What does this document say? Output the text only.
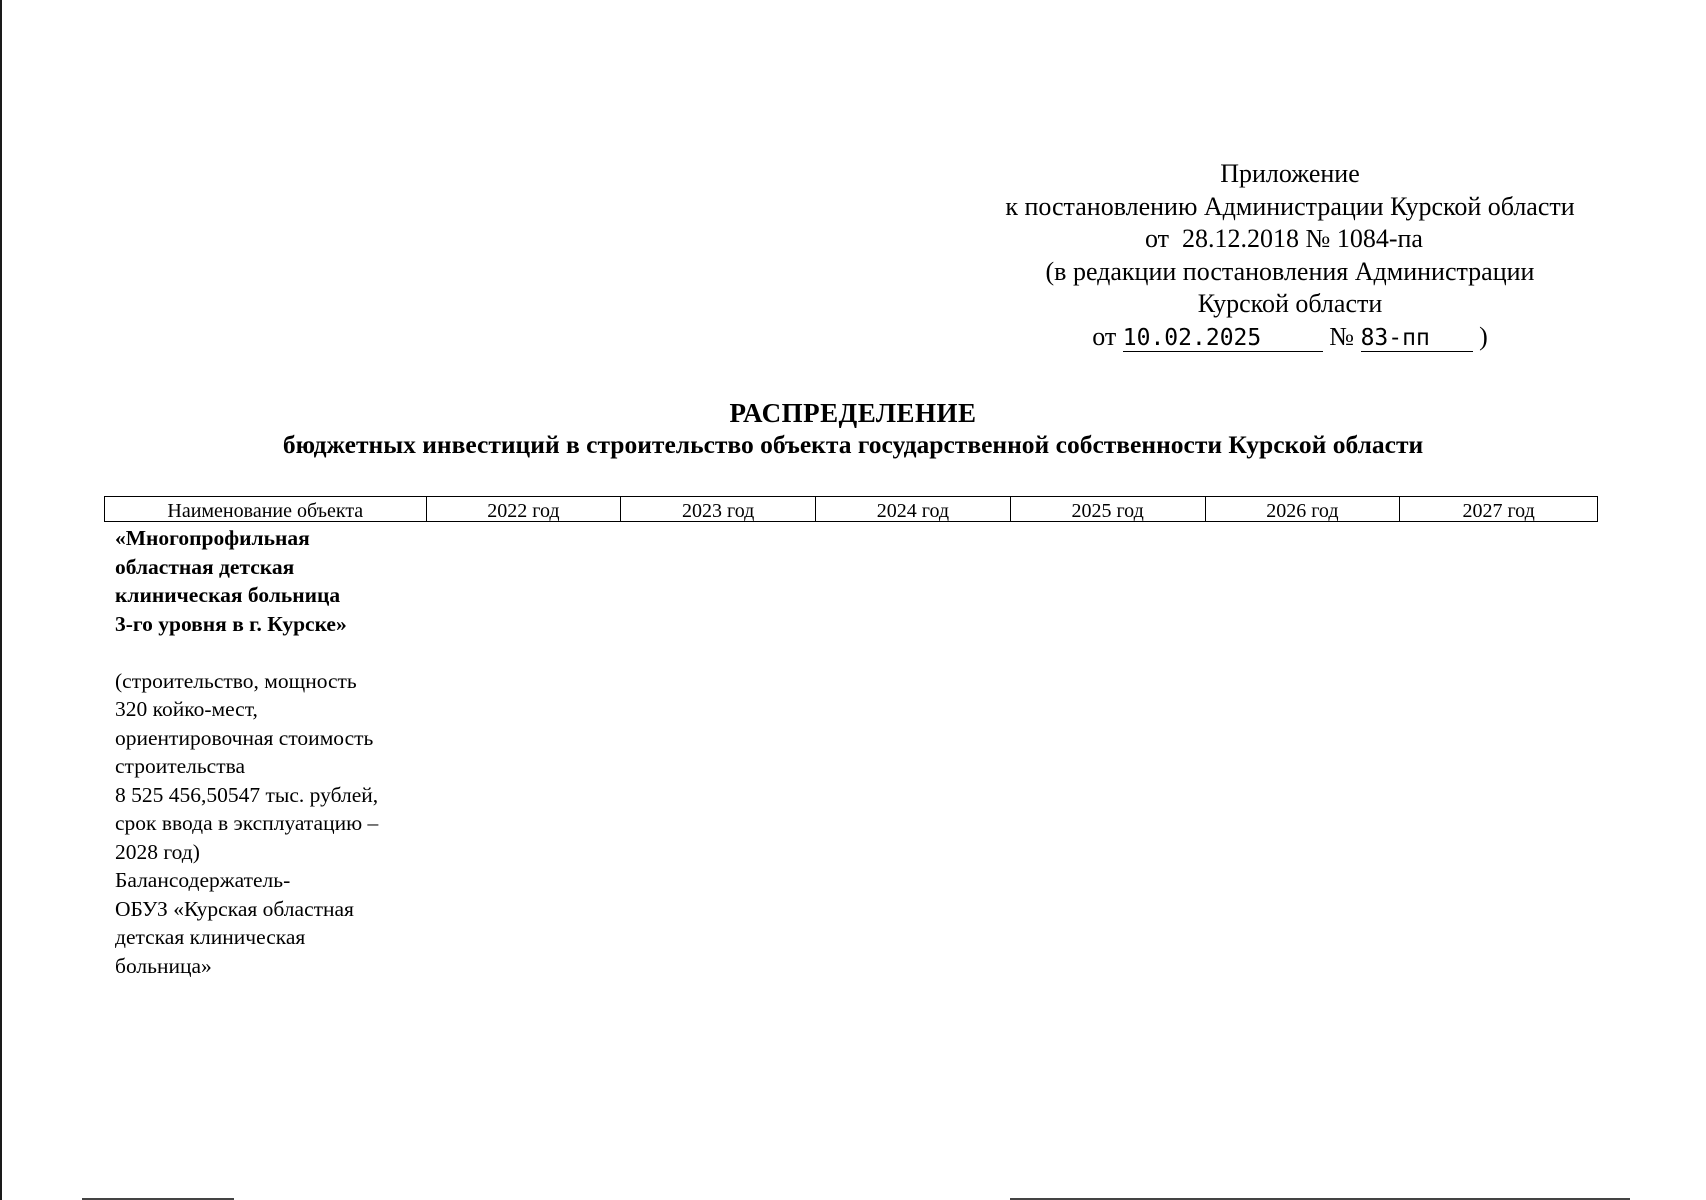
Приложение
к постановлению Администрации Курской области
от 28.12.2018 № 1084-па
(в редакции постановления Администрации
Курской области
от 10.02.2025	№ 83-пп )
РАСПРЕДЕЛЕНИЕ
бюджетных инвестиций в строительство объекта государственной собственности Курской области
Наименование объекта	2022 год	2023 год	2024 год	2025 год	2026 год	2027 год
«Многопрофильная
областная детская
клиническая больница
3-го уровня в г. Курске»
(строительство, мощность
320 койко-мест,
ориентировочная стоимость
строительства
8 525 456,50547 тыс. рублей,
срок ввода в эксплуатацию –
2028 год)
Балансодержатель-
ОБУЗ «Курская областная
детская клиническая
больница»
